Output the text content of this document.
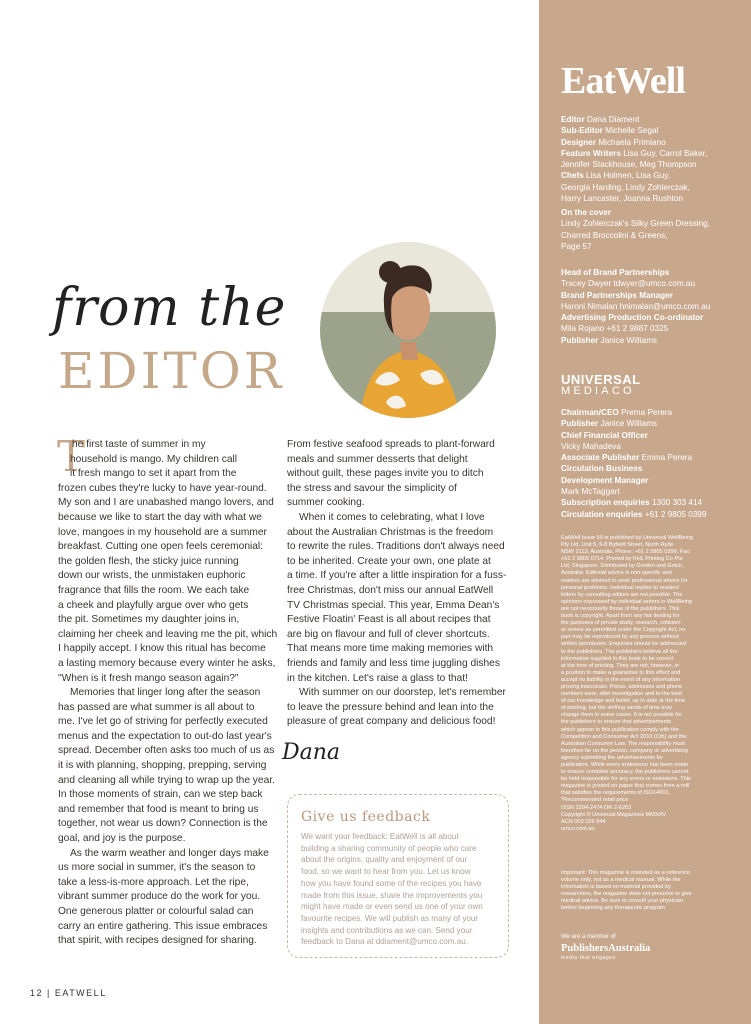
EatWell
Editor Dana Diament
Sub-Editor Michelle Segal
Designer Michaela Primiano
Feature Writers Lisa Guy, Carrol Baker,
Jennifer Stackhouse, Meg Thompson
Chefs Lisa Holmen, Lisa Guy,
Georgia Harding, Lindy Zohlerczak,
Harry Lancaster, Joanna Rushton
On the cover
Lindy Zohlerczak's Silky Green Dressing,
Charred Broccolini & Greens,
Page 57
Head of Brand Partnerships
Tracey Dwyer tdwyer@umco.com.au
Brand Partnerships Manager
Haroni Nimalan hnimalan@umco.com.au
Advertising Production Co-ordinator
Mila Rojano +61 2 9887 0325
Publisher Janice Williams
UNIVERSAL
MEDIACO
Chairman/CEO Prema Perera
Publisher Janice Williams
Chief Financial Officer
Vicky Mahadeva
Associate Publisher Emma Perera
Circulation Business
Development Manager
Mark McTaggart
Subscription enquiries 1300 303 414
Circulation enquiries +61 2 9805 0399
EatWell Issue 59 is published by Universal WellBeing
Pty Ltd, Unit 5, 6-8 Byfield Street, North Ryde
NSW 2113, Australia. Phone: +61 2 9805 0399, Fax:
+61 2 9805 0714. Printed by KHL Printing Co Pte
Ltd, Singapore. Distributed by Gordon and Gotch,
Australia. Editorial advice is non-specific and
readers are advised to seek professional advice for
personal problems. Individual replies to readers'
letters by consulting editors are not possible. The
opinions expressed by individual writers in WellBeing
are not necessarily those of the publishers. This
book is copyright. Apart from any fair dealing for
the purposes of private study, research, criticism
or review as permitted under the Copyright Act, no
part may be reproduced by any process without
written permission. Enquiries should be addressed
to the publishers. The publishers believe all the
information supplied in this book to be correct
at the time of printing. They are not, however, in
a position to make a guarantee to this effect and
accept no liability in the event of any information
proving inaccurate. Prices, addresses and phone
numbers were, after investigation and to the best
of our knowledge and belief, up to date at the time
of printing, but the shifting sands of time may
change them in some cases. It is not possible for
the publishers to ensure that advertisements
which appear in this publication comply with the
Competition and Consumer Act 2010 (Cth) and the
Australian Consumer Law. The responsibility must
therefore be on the person, company or advertising
agency submitting the advertisements for
publication. While every endeavour has been made
to ensure complete accuracy, the publishers cannot
be held responsible for any errors or omissions. This
magazine is printed on paper that comes from a mill
that satisfies the requirements of ISO14001.
*Recommended retail price
ISSN 2204-2474 OR 2-6203
Copyright © Universal Magazines MMXXV
ACN 003 026 944
umco.com.au
Important: This magazine is intended as a reference
volume only, not as a medical manual. While the
information is based on material provided by
researchers, the magazine does not presume to give
medical advice. Be sure to consult your physician
before beginning any therapeutic program.
We are a member of
PublishersAustralia
media that engages
from the
EDITOR
T
he first taste of summer in my
household is mango. My children call
it fresh mango to set it apart from the
frozen cubes they're lucky to have year-round.
My son and I are unabashed mango lovers, and
because we like to start the day with what we
love, mangoes in my household are a summer
breakfast. Cutting one open feels ceremonial:
the golden flesh, the sticky juice running
down our wrists, the unmistaken euphoric
fragrance that fills the room. We each take
a cheek and playfully argue over who gets
the pit. Sometimes my daughter joins in,
claiming her cheek and leaving me the pit, which
I happily accept. I know this ritual has become
a lasting memory because every winter he asks,
"When is it fresh mango season again?"
Memories that linger long after the season
has passed are what summer is all about to
me. I've let go of striving for perfectly executed
menus and the expectation to out-do last year's
spread. December often asks too much of us as
it is with planning, shopping, prepping, serving
and cleaning all while trying to wrap up the year.
In those moments of strain, can we step back
and remember that food is meant to bring us
together, not wear us down? Connection is the
goal, and joy is the purpose.
As the warm weather and longer days make
us more social in summer, it's the season to
take a less-is-more approach. Let the ripe,
vibrant summer produce do the work for you.
One generous platter or colourful salad can
carry an entire gathering. This issue embraces
that spirit, with recipes designed for sharing.
From festive seafood spreads to plant-forward
meals and summer desserts that delight
without guilt, these pages invite you to ditch
the stress and savour the simplicity of
summer cooking.
When it comes to celebrating, what I love
about the Australian Christmas is the freedom
to rewrite the rules. Traditions don't always need
to be inherited. Create your own, one plate at
a time. If you're after a little inspiration for a fuss-
free Christmas, don't miss our annual EatWell
TV Christmas special. This year, Emma Dean's
Festive Floatin' Feast is all about recipes that
are big on flavour and full of clever shortcuts.
That means more time making memories with
friends and family and less time juggling dishes
in the kitchen. Let's raise a glass to that!
With summer on our doorstep, let's remember
to leave the pressure behind and lean into the
pleasure of great company and delicious food!
Dana
Give us feedback
We want your feedback: EatWell is all about
building a sharing community of people who care
about the origins, quality and enjoyment of our
food, so we want to hear from you. Let us know
how you have found some of the recipes you have
made from this issue, share the improvements you
might have made or even send us one of your own
favourite recipes. We will publish as many of your
insights and contributions as we can. Send your
feedback to Dana at ddiament@umco.com.au.
12 | EATWELL
